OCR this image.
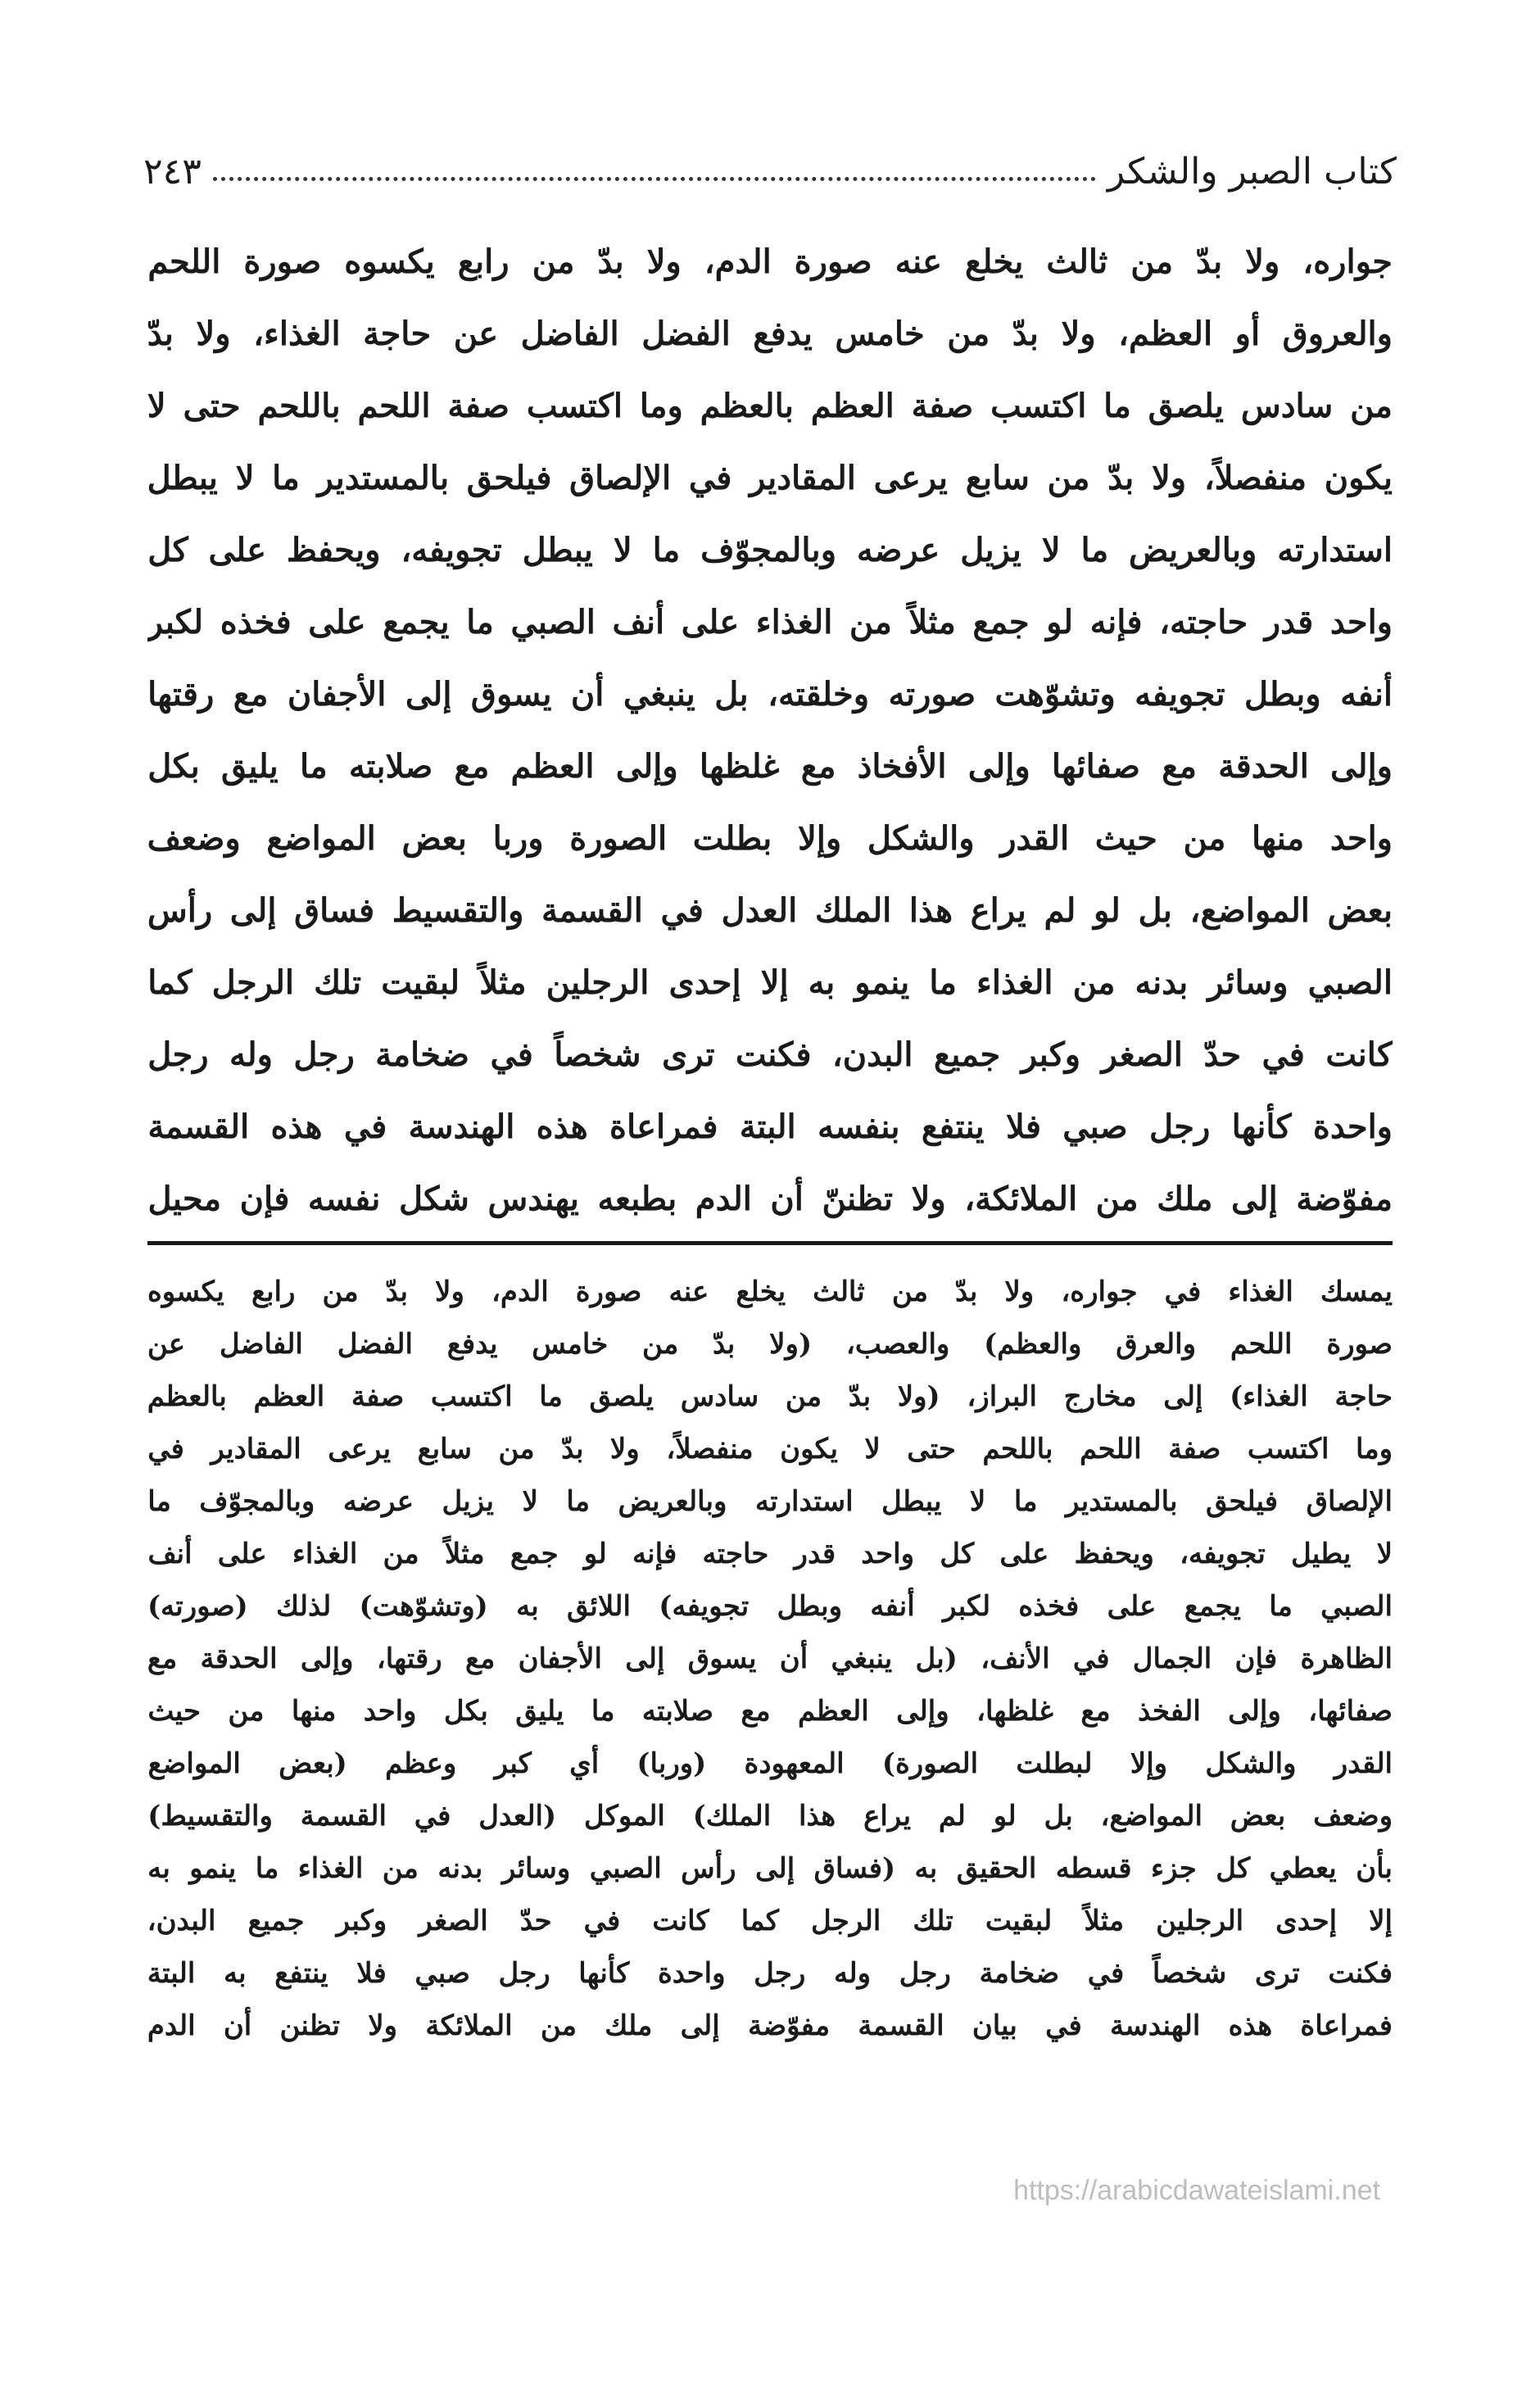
كتاب الصبر والشكر
٢٤٣
جواره، ولا بدّ من ثالث يخلع عنه صورة الدم، ولا بدّ من رابع يكسوه صورة اللحم
والعروق أو العظم، ولا بدّ من خامس يدفع الفضل الفاضل عن حاجة الغذاء، ولا بدّ
من سادس يلصق ما اكتسب صفة العظم بالعظم وما اكتسب صفة اللحم باللحم حتى لا
يكون منفصلاً، ولا بدّ من سابع يرعى المقادير في الإلصاق فيلحق بالمستدير ما لا يبطل
استدارته وبالعريض ما لا يزيل عرضه وبالمجوّف ما لا يبطل تجويفه، ويحفظ على كل
واحد قدر حاجته، فإنه لو جمع مثلاً من الغذاء على أنف الصبي ما يجمع على فخذه لكبر
أنفه وبطل تجويفه وتشوّهت صورته وخلقته، بل ينبغي أن يسوق إلى الأجفان مع رقتها
وإلى الحدقة مع صفائها وإلى الأفخاذ مع غلظها وإلى العظم مع صلابته ما يليق بكل
واحد منها من حيث القدر والشكل وإلا بطلت الصورة وربا بعض المواضع وضعف
بعض المواضع، بل لو لم يراع هذا الملك العدل في القسمة والتقسيط فساق إلى رأس
الصبي وسائر بدنه من الغذاء ما ينمو به إلا إحدى الرجلين مثلاً لبقيت تلك الرجل كما
كانت في حدّ الصغر وكبر جميع البدن، فكنت ترى شخصاً في ضخامة رجل وله رجل
واحدة كأنها رجل صبي فلا ينتفع بنفسه البتة فمراعاة هذه الهندسة في هذه القسمة
مفوّضة إلى ملك من الملائكة، ولا تظننّ أن الدم بطبعه يهندس شكل نفسه فإن محيل
يمسك الغذاء في جواره، ولا بدّ من ثالث يخلع عنه صورة الدم، ولا بدّ من رابع يكسوه
صورة اللحم والعرق والعظم) والعصب، (ولا بدّ من خامس يدفع الفضل الفاضل عن
حاجة الغذاء) إلى مخارج البراز، (ولا بدّ من سادس يلصق ما اكتسب صفة العظم بالعظم
وما اكتسب صفة اللحم باللحم حتى لا يكون منفصلاً، ولا بدّ من سابع يرعى المقادير في
الإلصاق فيلحق بالمستدير ما لا يبطل استدارته وبالعريض ما لا يزيل عرضه وبالمجوّف ما
لا يطيل تجويفه، ويحفظ على كل واحد قدر حاجته فإنه لو جمع مثلاً من الغذاء على أنف
الصبي ما يجمع على فخذه لكبر أنفه وبطل تجويفه) اللائق به (وتشوّهت) لذلك (صورته)
الظاهرة فإن الجمال في الأنف، (بل ينبغي أن يسوق إلى الأجفان مع رقتها، وإلى الحدقة مع
صفائها، وإلى الفخذ مع غلظها، وإلى العظم مع صلابته ما يليق بكل واحد منها من حيث
القدر والشكل وإلا لبطلت الصورة) المعهودة (وربا) أي كبر وعظم (بعض المواضع
وضعف بعض المواضع، بل لو لم يراع هذا الملك) الموكل (العدل في القسمة والتقسيط)
بأن يعطي كل جزء قسطه الحقيق به (فساق إلى رأس الصبي وسائر بدنه من الغذاء ما ينمو به
إلا إحدى الرجلين مثلاً لبقيت تلك الرجل كما كانت في حدّ الصغر وكبر جميع البدن،
فكنت ترى شخصاً في ضخامة رجل وله رجل واحدة كأنها رجل صبي فلا ينتفع به البتة
فمراعاة هذه الهندسة في بيان القسمة مفوّضة إلى ملك من الملائكة ولا تظنن أن الدم
https://arabicdawateislami.net
